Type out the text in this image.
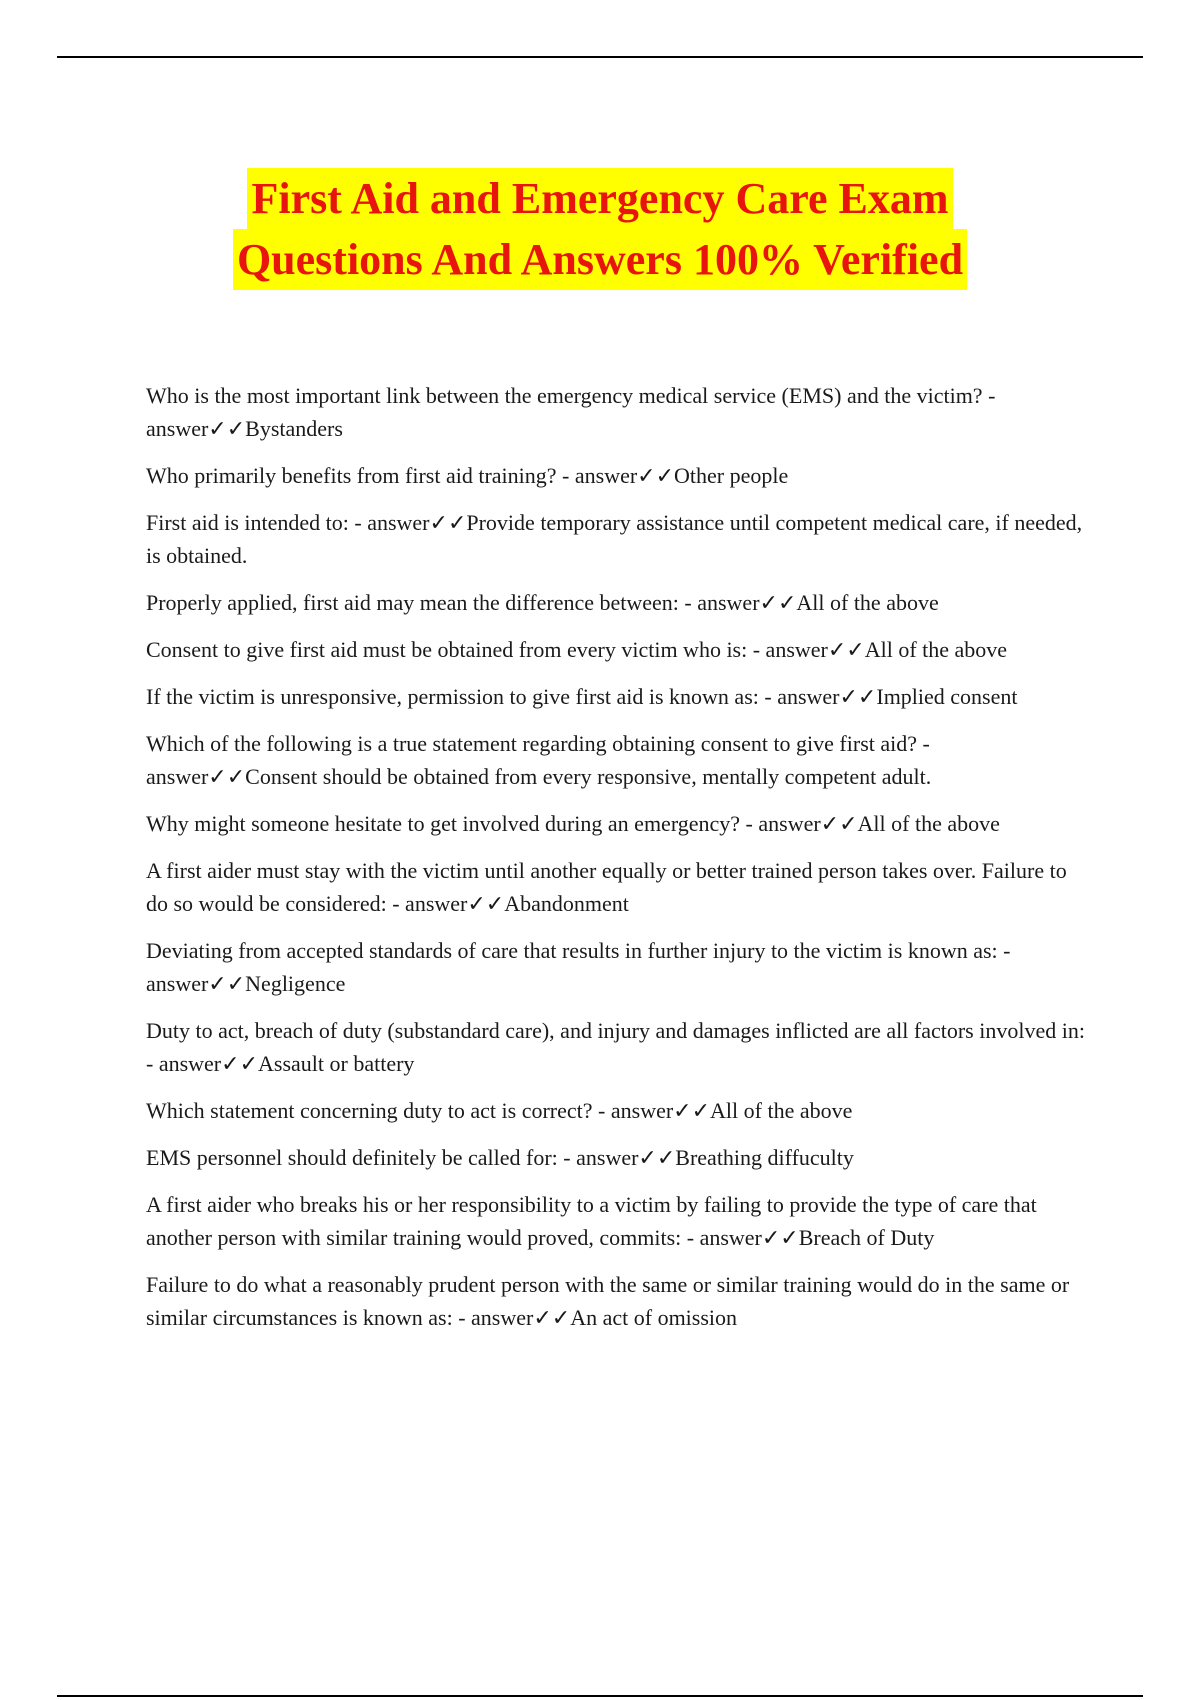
First Aid and Emergency Care Exam
Questions And Answers 100% Verified
Who is the most important link between the emergency medical service (EMS) and the victim? - answer✓✓Bystanders
Who primarily benefits from first aid training? - answer✓✓Other people
First aid is intended to: - answer✓✓Provide temporary assistance until competent medical care, if needed, is obtained.
Properly applied, first aid may mean the difference between: - answer✓✓All of the above
Consent to give first aid must be obtained from every victim who is: - answer✓✓All of the above
If the victim is unresponsive, permission to give first aid is known as: - answer✓✓Implied consent
Which of the following is a true statement regarding obtaining consent to give first aid? - answer✓✓Consent should be obtained from every responsive, mentally competent adult.
Why might someone hesitate to get involved during an emergency? - answer✓✓All of the above
A first aider must stay with the victim until another equally or better trained person takes over. Failure to do so would be considered: - answer✓✓Abandonment
Deviating from accepted standards of care that results in further injury to the victim is known as: - answer✓✓Negligence
Duty to act, breach of duty (substandard care), and injury and damages inflicted are all factors involved in: - answer✓✓Assault or battery
Which statement concerning duty to act is correct? - answer✓✓All of the above
EMS personnel should definitely be called for: - answer✓✓Breathing diffuculty
A first aider who breaks his or her responsibility to a victim by failing to provide the type of care that another person with similar training would proved, commits: - answer✓✓Breach of Duty
Failure to do what a reasonably prudent person with the same or similar training would do in the same or similar circumstances is known as: - answer✓✓An act of omission
